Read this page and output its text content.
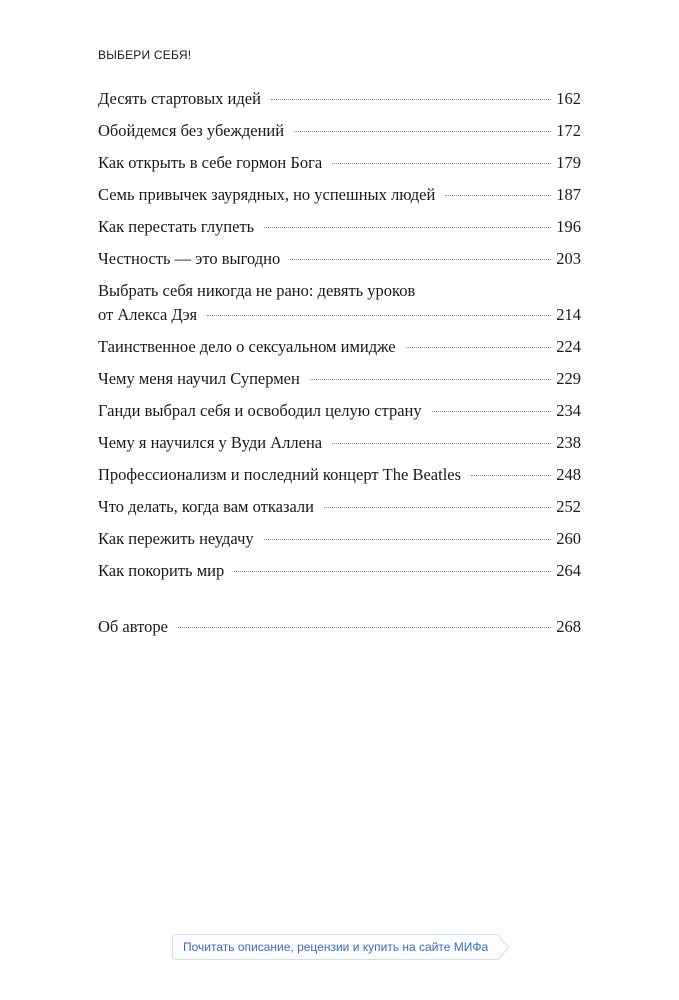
ВЫБЕРИ СЕБЯ!
Десять стартовых идей	162
Обойдемся без убеждений	172
Как открыть в себе гормон Бога	179
Семь привычек заурядных, но успешных людей	187
Как перестать глупеть	196
Честность — это выгодно	203
Выбрать себя никогда не рано: девять уроков
от Алекса Дэя	214
Таинственное дело о сексуальном имидже	224
Чему меня научил Супермен	229
Ганди выбрал себя и освободил целую страну	234
Чему я научился у Вуди Аллена	238
Профессионализм и последний концерт The Beatles	248
Что делать, когда вам отказали	252
Как пережить неудачу	260
Как покорить мир	264
Об авторе	268
Почитать описание, рецензии и купить на сайте МИФа
